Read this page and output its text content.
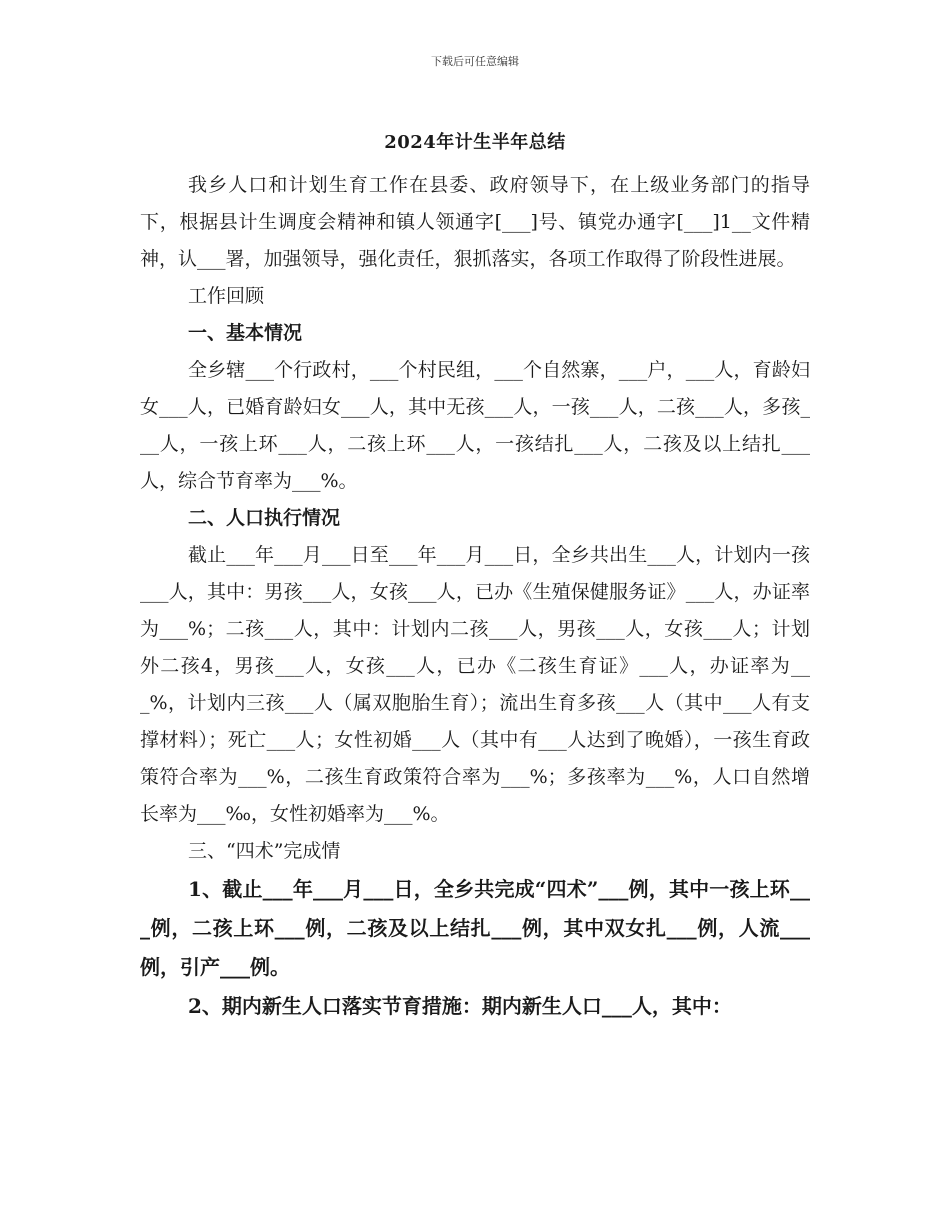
下载后可任意编辑
2024年计生半年总结

我乡人口和计划生育工作在县委、政府领导下，在上级业务部门的指导下，根据县计生调度会精神和镇人领通字[___]号、镇党办通字[___]1__文件精神，认___署，加强领导，强化责任，狠抓落实，各项工作取得了阶段性进展。

工作回顾

一、基本情况

全乡辖___个行政村，___个村民组，___个自然寨，___户，___人，育龄妇女___人，已婚育龄妇女___人，其中无孩___人，一孩___人，二孩___人，多孩___人，一孩上环___人，二孩上环___人，一孩结扎___人，二孩及以上结扎___人，综合节育率为___%。

二、人口执行情况

截止___年___月___日至___年___月___日，全乡共出生___人，计划内一孩___人，其中：男孩___人，女孩___人，已办《生殖保健服务证》___人，办证率为___%；二孩___人，其中：计划内二孩___人，男孩___人，女孩___人；计划外二孩4，男孩___人，女孩___人，已办《二孩生育证》___人，办证率为___%，计划内三孩___人（属双胞胎生育）；流出生育多孩___人（其中___人有支撑材料）；死亡___人；女性初婚___人（其中有___人达到了晚婚），一孩生育政策符合率为___%，二孩生育政策符合率为___%；多孩率为___%，人口自然增长率为___‰，女性初婚率为___%。

三、“四术”完成情

1、截止___年___月___日，全乡共完成“四术”___例，其中一孩上环___例，二孩上环___例，二孩及以上结扎___例，其中双女扎___例，人流___例，引产___例。

2、期内新生人口落实节育措施：期内新生人口___人，其中：
